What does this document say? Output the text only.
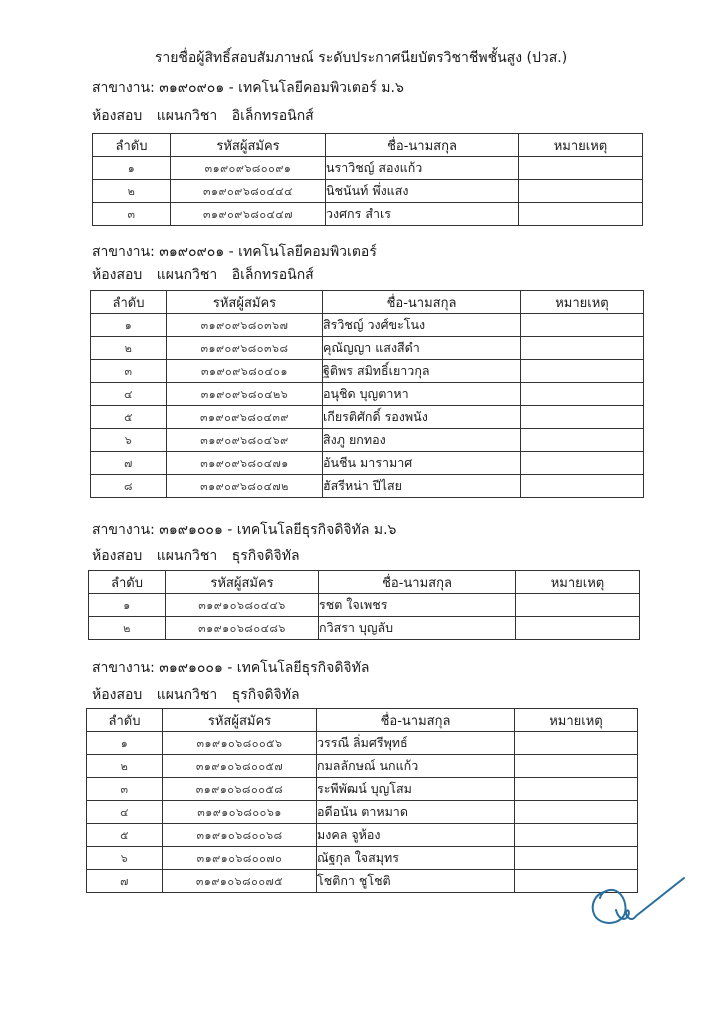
รายชื่อผู้สิทธิ์สอบสัมภาษณ์ ระดับประกาศนียบัตรวิชาชีพชั้นสูง (ปวส.)
สาขางาน: ๓๑๙๐๙๐๑ - เทคโนโลยีคอมพิวเตอร์ ม.๖
ห้องสอบ แผนกวิชา อิเล็กทรอนิกส์
สาขางาน: ๓๑๙๐๙๐๑ - เทคโนโลยีคอมพิวเตอร์
ห้องสอบ แผนกวิชา อิเล็กทรอนิกส์
สาขางาน: ๓๑๙๑๐๐๑ - เทคโนโลยีธุรกิจดิจิทัล ม.๖
ห้องสอบ แผนกวิชา ธุรกิจดิจิทัล
สาขางาน: ๓๑๙๑๐๐๑ - เทคโนโลยีธุรกิจดิจิทัล
ห้องสอบ แผนกวิชา ธุรกิจดิจิทัล
ลำดับ	รหัสผู้สมัคร	ชื่อ-นามสกุล	หมายเหตุ
๑	๓๑๙๐๙๖๘๐๐๙๑	นราวิชญ์ สองแก้ว	
๒	๓๑๙๐๙๖๘๐๔๔๔	นิชนันท์ พึ่งแสง	
๓	๓๑๙๐๙๖๘๐๔๔๗	วงศกร สำเร	
ลำดับ	รหัสผู้สมัคร	ชื่อ-นามสกุล	หมายเหตุ
๑	๓๑๙๐๙๖๘๐๓๖๗	สิรวิชญ์ วงศ์ขะโนง	
๒	๓๑๙๐๙๖๘๐๓๖๘	คุณัญญา แสงสีดำ	
๓	๓๑๙๐๙๖๘๐๔๐๑	ฐิติพร สมิทธิ์เยาวกุล	
๔	๓๑๙๐๙๖๘๐๔๒๖	อนุชิด บุญตาหา	
๕	๓๑๙๐๙๖๘๐๔๓๙	เกียรติศักดิ์ รองพนัง	
๖	๓๑๙๐๙๖๘๐๔๖๙	สิงภู ยกทอง	
๗	๓๑๙๐๙๖๘๐๔๗๑	อันชีน มารามาศ	
๘	๓๑๙๐๙๖๘๐๔๗๒	ฮัสรีหน่า ปีไสย	
ลำดับ	รหัสผู้สมัคร	ชื่อ-นามสกุล	หมายเหตุ
๑	๓๑๙๑๐๖๘๐๔๔๖	รชต ใจเพชร	
๒	๓๑๙๑๐๖๘๐๔๘๖	กวิสรา บุญลับ	
ลำดับ	รหัสผู้สมัคร	ชื่อ-นามสกุล	หมายเหตุ
๑	๓๑๙๑๐๖๘๐๐๕๖	วรรณี ลิ่มศรีพุทธ์	
๒	๓๑๙๑๐๖๘๐๐๕๗	กมลลักษณ์ นกแก้ว	
๓	๓๑๙๑๐๖๘๐๐๕๘	ระพีพัฒน์ บุญโสม	
๔	๓๑๙๑๐๖๘๐๐๖๑	อดีอนัน ตาหมาด	
๕	๓๑๙๑๐๖๘๐๐๖๘	มงคล จูห้อง	
๖	๓๑๙๑๐๖๘๐๐๗๐	ณัฐกุล ใจสมุทร	
๗	๓๑๙๑๐๖๘๐๐๗๕	โชติกา ชูโชติ	
